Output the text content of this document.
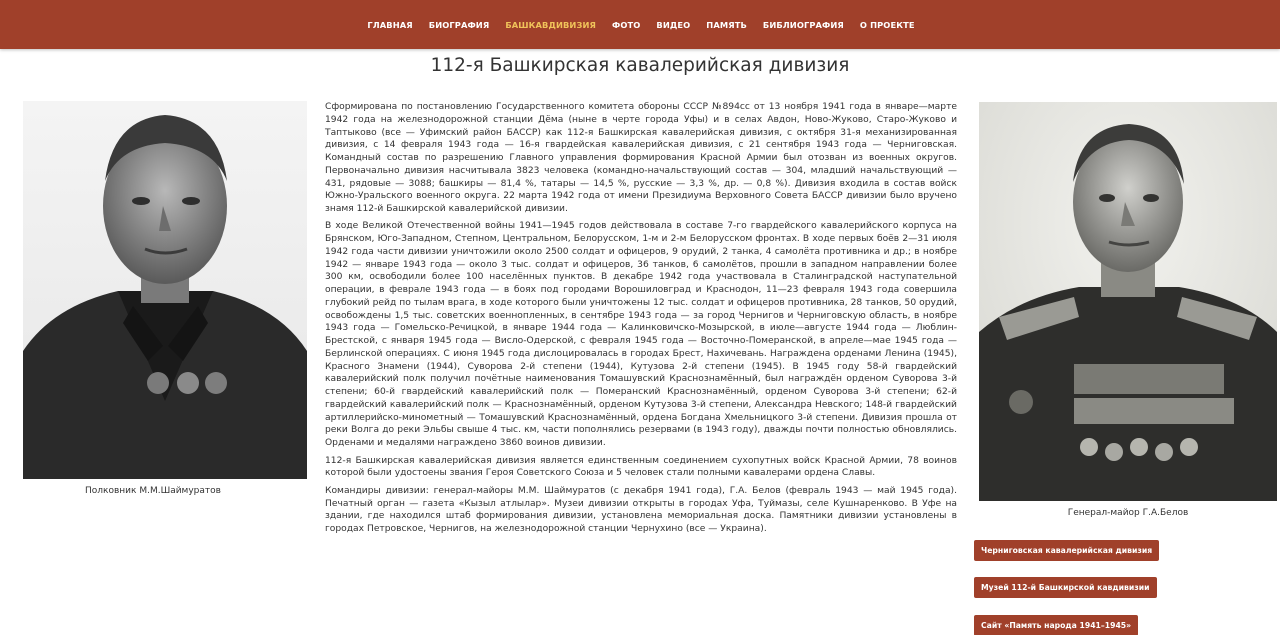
ГЛАВНАЯ	БИОГРАФИЯ	БАШКАВДИВИЗИЯ	ФОТО	ВИДЕО	ПАМЯТЬ	БИБЛИОГРАФИЯ	О ПРОЕКТЕ
112-я Башкирская кавалерийская дивизия
Полковник М.М.Шаймуратов

Сформирована по постановлению Государственного комитета обороны СССР №894сс от 13 ноября 1941 года в январе—марте 1942 года на железнодорожной станции Дёма (ныне в черте города Уфы) и в селах Авдон, Ново-Жуково, Старо-Жуково и Таптыково (все — Уфимский район БАССР) как 112-я Башкирская кавалерийская дивизия, с октября 31-я механизированная дивизия, с 14 февраля 1943 года — 16-я гвардейская кавалерийская дивизия, с 21 сентября 1943 года — Черниговская. Командный состав по разрешению Главного управления формирования Красной Армии был отозван из военных округов. Первоначально дивизия насчитывала 3823 человека (командно-начальствующий состав — 304, младший начальствующий — 431, рядовые — 3088; башкиры — 81,4 %, татары — 14,5 %, русские — 3,3 %, др. — 0,8 %). Дивизия входила в состав войск Южно-Уральского военного округа. 22 марта 1942 года от имени Президиума Верховного Совета БАССР дивизии было вручено знамя 112-й Башкирской кавалерийской дивизии.

В ходе Великой Отечественной войны 1941—1945 годов действовала в составе 7-го гвардейского кавалерийского корпуса на Брянском, Юго-Западном, Степном, Центральном, Белорусском, 1-м и 2-м Белорусском фронтах. В ходе первых боёв 2—31 июля 1942 года части дивизии уничтожили около 2500 солдат и офицеров, 9 орудий, 2 танка, 4 самолёта противника и др.; в ноябре 1942 — январе 1943 года — около 3 тыс. солдат и офицеров, 36 танков, 6 самолётов, прошли в западном направлении более 300 км, освободили более 100 населённых пунктов. В декабре 1942 года участвовала в Сталинградской наступательной операции, в феврале 1943 года — в боях под городами Ворошиловград и Краснодон, 11—23 февраля 1943 года совершила глубокий рейд по тылам врага, в ходе которого были уничтожены 12 тыс. солдат и офицеров противника, 28 танков, 50 орудий, освобождены 1,5 тыс. советских военнопленных, в сентябре 1943 года — за город Чернигов и Черниговскую область, в ноябре 1943 года — Гомельско-Речицкой, в январе 1944 года — Калинковичско-Мозырской, в июле—августе 1944 года — Люблин-Брестской, с января 1945 года — Висло-Одерской, с февраля 1945 года — Восточно-Померанской, в апреле—мае 1945 года — Берлинской операциях. С июня 1945 года дислоцировалась в городах Брест, Нахичевань. Награждена орденами Ленина (1945), Красного Знамени (1944), Суворова 2-й степени (1944), Кутузова 2-й степени (1945). В 1945 году 58-й гвардейский кавалерийский полк получил почётные наименования Томашувский Краснознамённый, был награждён орденом Суворова 3-й степени; 60-й гвардейский кавалерийский полк — Померанский Краснознамённый, орденом Суворова 3-й степени; 62-й гвардейский кавалерийский полк — Краснознамённый, орденом Кутузова 3-й степени, Александра Невского; 148-й гвардейский артиллерийско-минометный — Томашувский Краснознамённый, ордена Богдана Хмельницкого 3-й степени. Дивизия прошла от реки Волга до реки Эльбы свыше 4 тыс. км, части пополнялись резервами (в 1943 году), дважды почти полностью обновлялись. Орденами и медалями награждено 3860 воинов дивизии.

112-я Башкирская кавалерийская дивизия является единственным соединением сухопутных войск Красной Армии, 78 воинов которой были удостоены звания Героя Советского Союза и 5 человек стали полными кавалерами ордена Славы.

Командиры дивизии: генерал-майоры М.М. Шаймуратов (с декабря 1941 года), Г.А. Белов (февраль 1943 — май 1945 года). Печатный орган — газета «Кызыл атлылар». Музеи дивизии открыты в городах Уфа, Туймазы, селе Кушнаренково. В Уфе на здании, где находился штаб формирования дивизии, установлена мемориальная доска. Памятники дивизии установлены в городах Петровское, Чернигов, на железнодорожной станции Чернухино (все — Украина).

Генерал-майор Г.А.Белов
Черниговская кавалерийская дивизия
Музей 112-й Башкирской кавдивизии
Сайт «Память народа 1941–1945»
